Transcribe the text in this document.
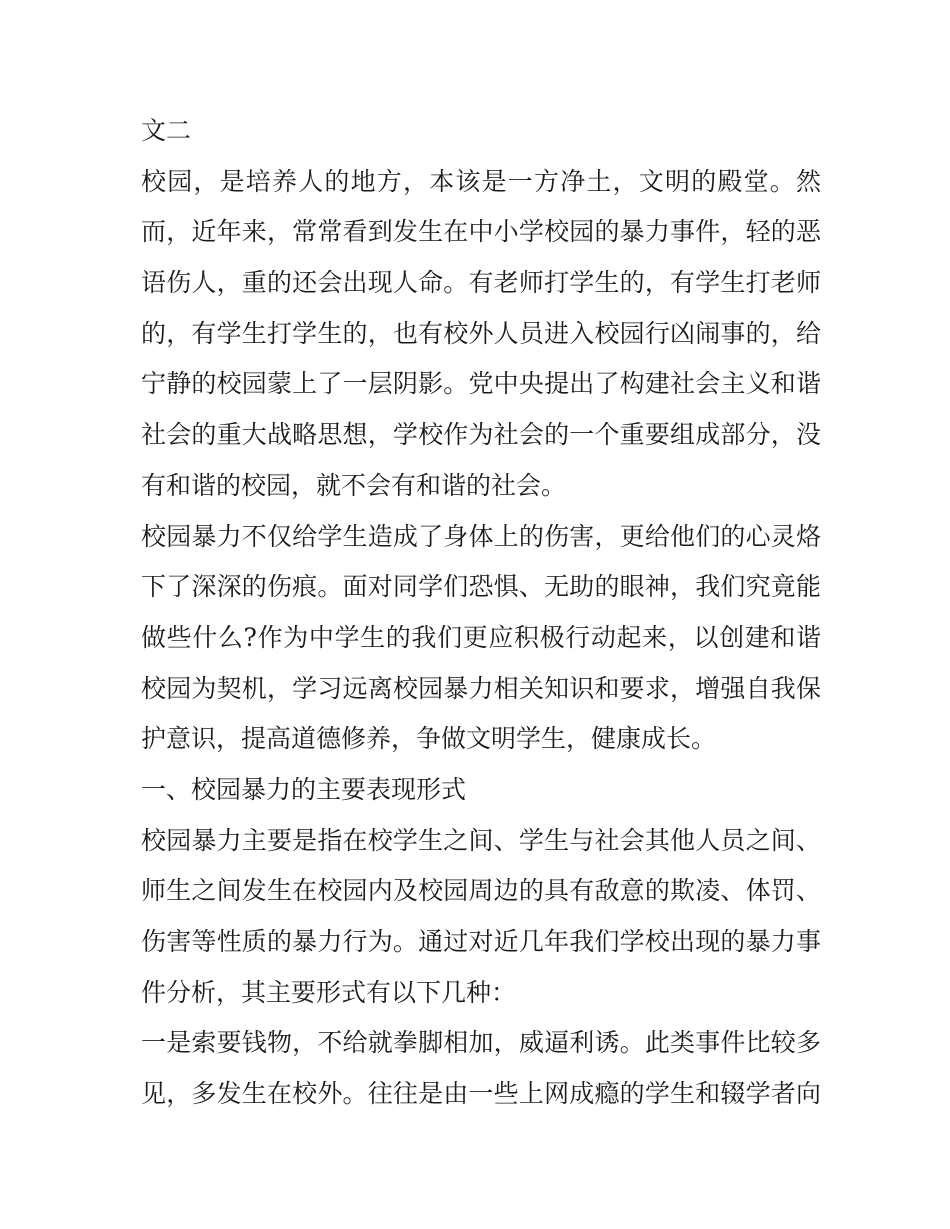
文二
校园，是培养人的地方，本该是一方净土，文明的殿堂。然
而，近年来，常常看到发生在中小学校园的暴力事件，轻的恶
语伤人，重的还会出现人命。有老师打学生的，有学生打老师
的，有学生打学生的，也有校外人员进入校园行凶闹事的，给
宁静的校园蒙上了一层阴影。党中央提出了构建社会主义和谐
社会的重大战略思想，学校作为社会的一个重要组成部分，没
有和谐的校园，就不会有和谐的社会。
校园暴力不仅给学生造成了身体上的伤害，更给他们的心灵烙
下了深深的伤痕。面对同学们恐惧、无助的眼神，我们究竟能
做些什么?作为中学生的我们更应积极行动起来，以创建和谐
校园为契机，学习远离校园暴力相关知识和要求，增强自我保
护意识，提高道德修养，争做文明学生，健康成长。
一、校园暴力的主要表现形式
校园暴力主要是指在校学生之间、学生与社会其他人员之间、
师生之间发生在校园内及校园周边的具有敌意的欺凌、体罚、
伤害等性质的暴力行为。通过对近几年我们学校出现的暴力事
件分析，其主要形式有以下几种：
一是索要钱物，不给就拳脚相加，威逼利诱。此类事件比较多
见，多发生在校外。往往是由一些上网成瘾的学生和辍学者向
